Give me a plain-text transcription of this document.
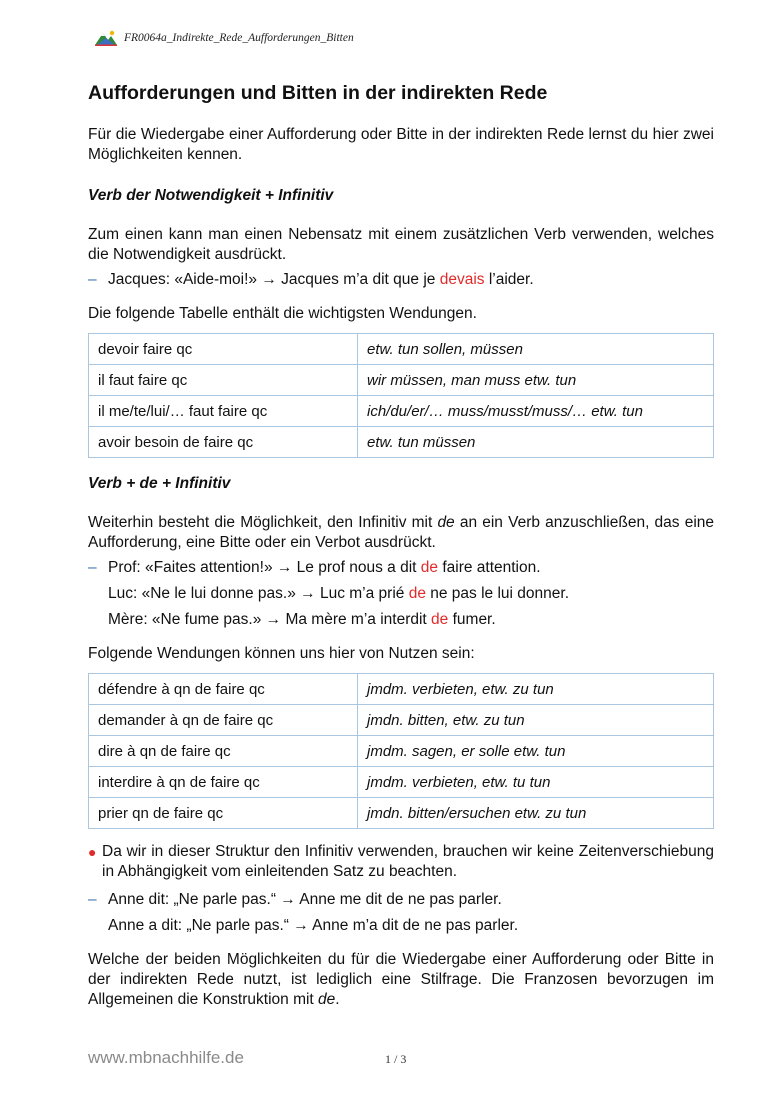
FR0064a_Indirekte_Rede_Aufforderungen_Bitten
Aufforderungen und Bitten in der indirekten Rede

Für die Wiedergabe einer Aufforderung oder Bitte in der indirekten Rede lernst du hier zwei Möglichkeiten kennen.

Verb der Notwendigkeit + Infinitiv

Zum einen kann man einen Nebensatz mit einem zusätzlichen Verb verwenden, welches die Notwendigkeit ausdrückt.

– Jacques: «Aide-moi!» → Jacques m’a dit que je devais l’aider.

Die folgende Tabelle enthält die wichtigsten Wendungen.

devoir faire qc	etw. tun sollen, müssen
il faut faire qc	wir müssen, man muss etw. tun
il me/te/lui/… faut faire qc	ich/du/er/… muss/musst/muss/… etw. tun
avoir besoin de faire qc	etw. tun müssen
Verb + de + Infinitiv

Weiterhin besteht die Möglichkeit, den Infinitiv mit de an ein Verb anzuschließen, das eine Aufforderung, eine Bitte oder ein Verbot ausdrückt.

– Prof: «Faites attention!» → Le prof nous a dit de faire attention.
Luc: «Ne le lui donne pas.» → Luc m’a prié de ne pas le lui donner.
Mère: «Ne fume pas.» → Ma mère m’a interdit de fumer.

Folgende Wendungen können uns hier von Nutzen sein:

défendre à qn de faire qc	jmdm. verbieten, etw. zu tun
demander à qn de faire qc	jmdn. bitten, etw. zu tun
dire à qn de faire qc	jmdm. sagen, er solle etw. tun
interdire à qn de faire qc	jmdm. verbieten, etw. tu tun
prier qn de faire qc	jmdn. bitten/ersuchen etw. zu tun
● Da wir in dieser Struktur den Infinitiv verwenden, brauchen wir keine Zeitenverschiebung in Abhängigkeit vom einleitenden Satz zu beachten.
– Anne dit: „Ne parle pas.“ → Anne me dit de ne pas parler.
Anne a dit: „Ne parle pas.“ → Anne m’a dit de ne pas parler.

Welche der beiden Möglichkeiten du für die Wiedergabe einer Aufforderung oder Bitte in der indirekten Rede nutzt, ist lediglich eine Stilfrage. Die Franzosen bevorzugen im Allgemeinen die Konstruktion mit de.

www.mbnachhilfe.de	1 / 3
